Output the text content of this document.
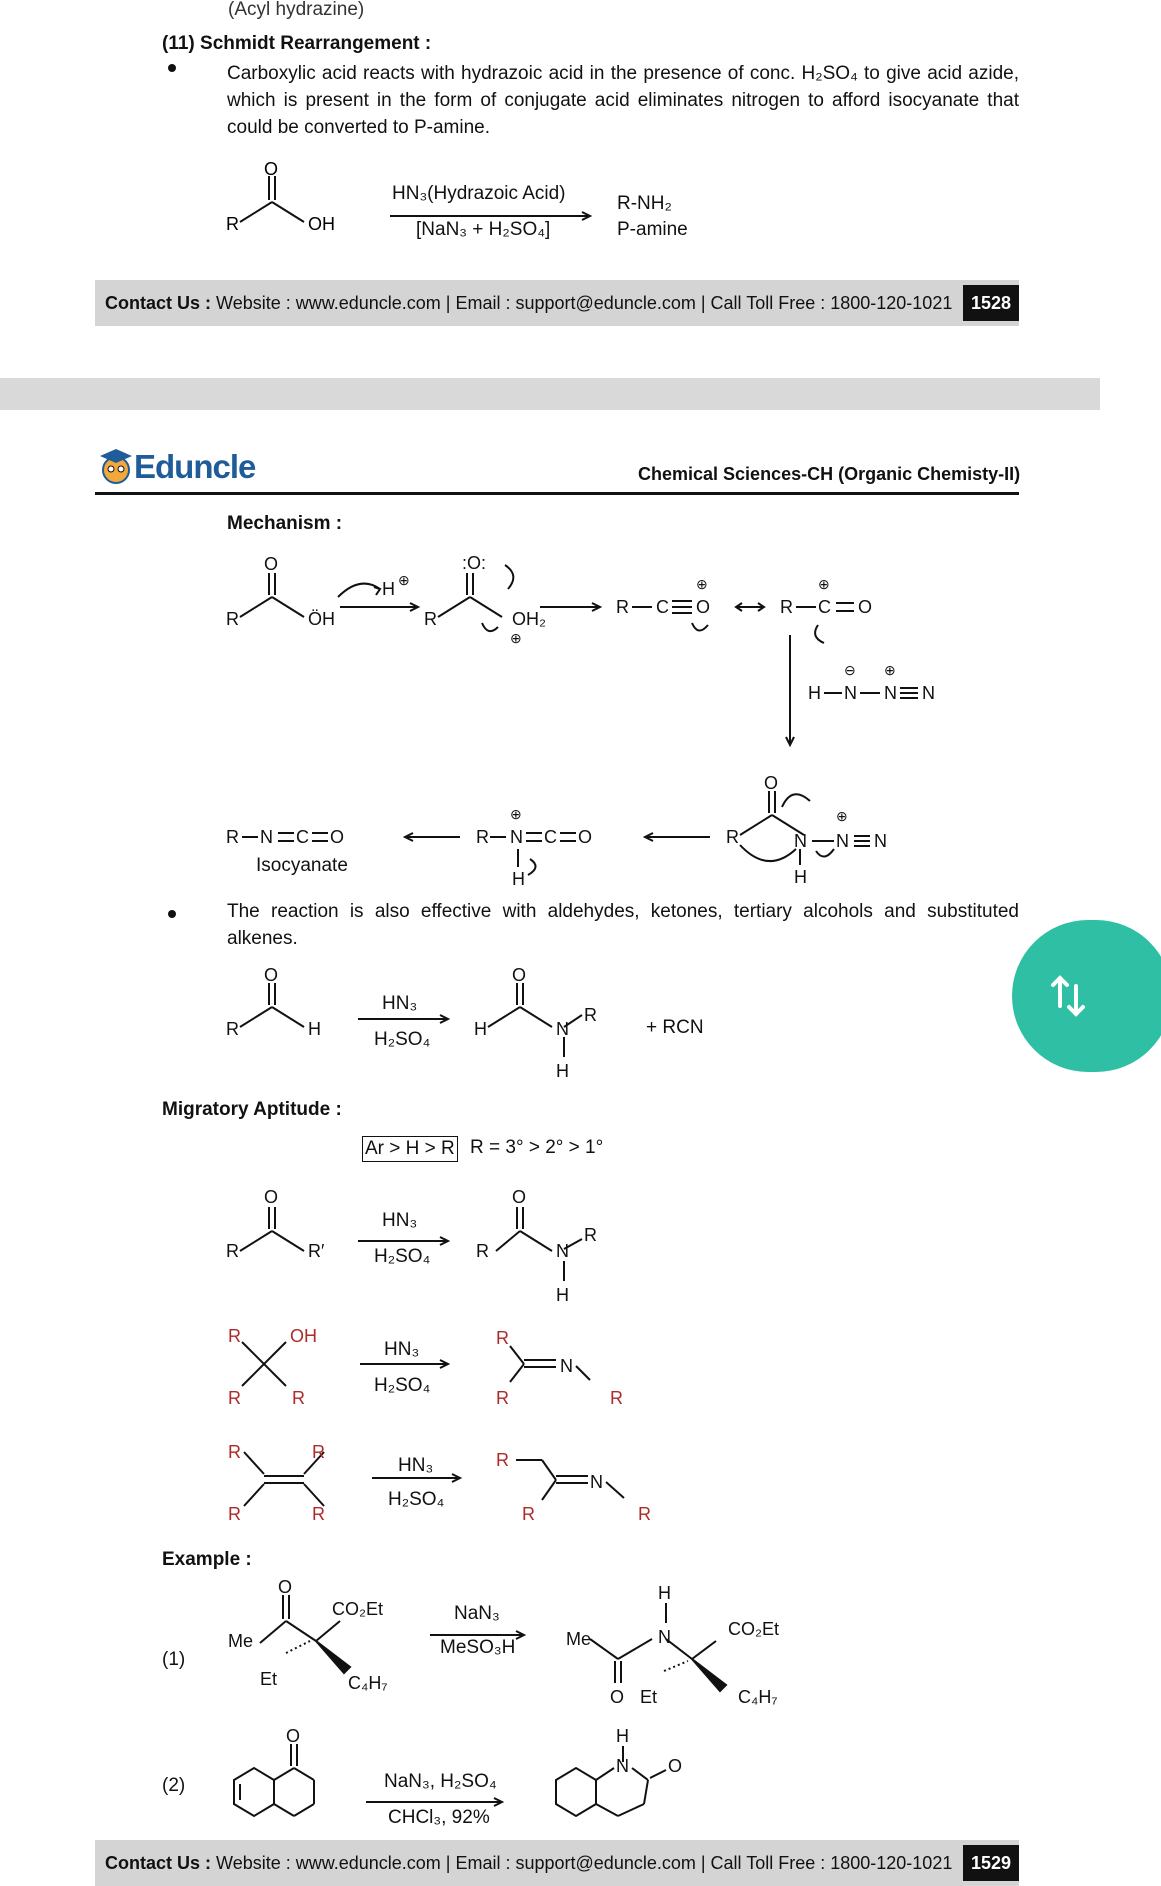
(Acyl hydrazine)
(11) Schmidt Rearrangement :
Carboxylic acid reacts with hydrazoic acid in the presence of conc. H₂SO₄ to give acid azide, which is present in the form of conjugate acid eliminates nitrogen to afford isocyanate that could be converted to P-amine.
O
R	OH
HN₃(Hydrazoic Acid)
[NaN₃ + H₂SO₄]
R-NH₂
P-amine
Contact Us : Website : www.eduncle.com | Email : support@eduncle.com | Call Toll Free : 1800-120-1021	1528
Eduncle	Chemical Sciences-CH (Organic Chemisty-II)
Mechanism :
O
R	ÖH
H ⊕
:O:
R	OH₂
⊕
R C O
⊕
R C
⊕
O
H N
⊖
N
⊕
N
R N C O	R N
⊕
C O
H
O
R	N N
⊕
N
H
Isocyanate
The reaction is also effective with aldehydes, ketones, tertiary alcohols and substituted alkenes.
O
R	H
O
H	N
R
H
HN₃
H₂SO₄
+ RCN
Migratory Aptitude :
Ar > H > R R = 3° > 2° > 1°
O
R	R′
O
R	N
R
H
HN₃
H₂SO₄
R	OH
R	R
R
R	R
N
HN₃
H₂SO₄
R	R
R	R
R
R	R
N
HN₃
H₂SO₄
Example :
(1)
O
Me
CO₂Et
Et	C₄H₇
Me
O
N
H
Et
CO₂Et
C₄H₇
NaN₃
MeSO₃H
(2)
O
N
H
O
NaN₃, H₂SO₄
CHCl₃, 92%
Contact Us : Website : www.eduncle.com | Email : support@eduncle.com | Call Toll Free : 1800-120-1021	1529
